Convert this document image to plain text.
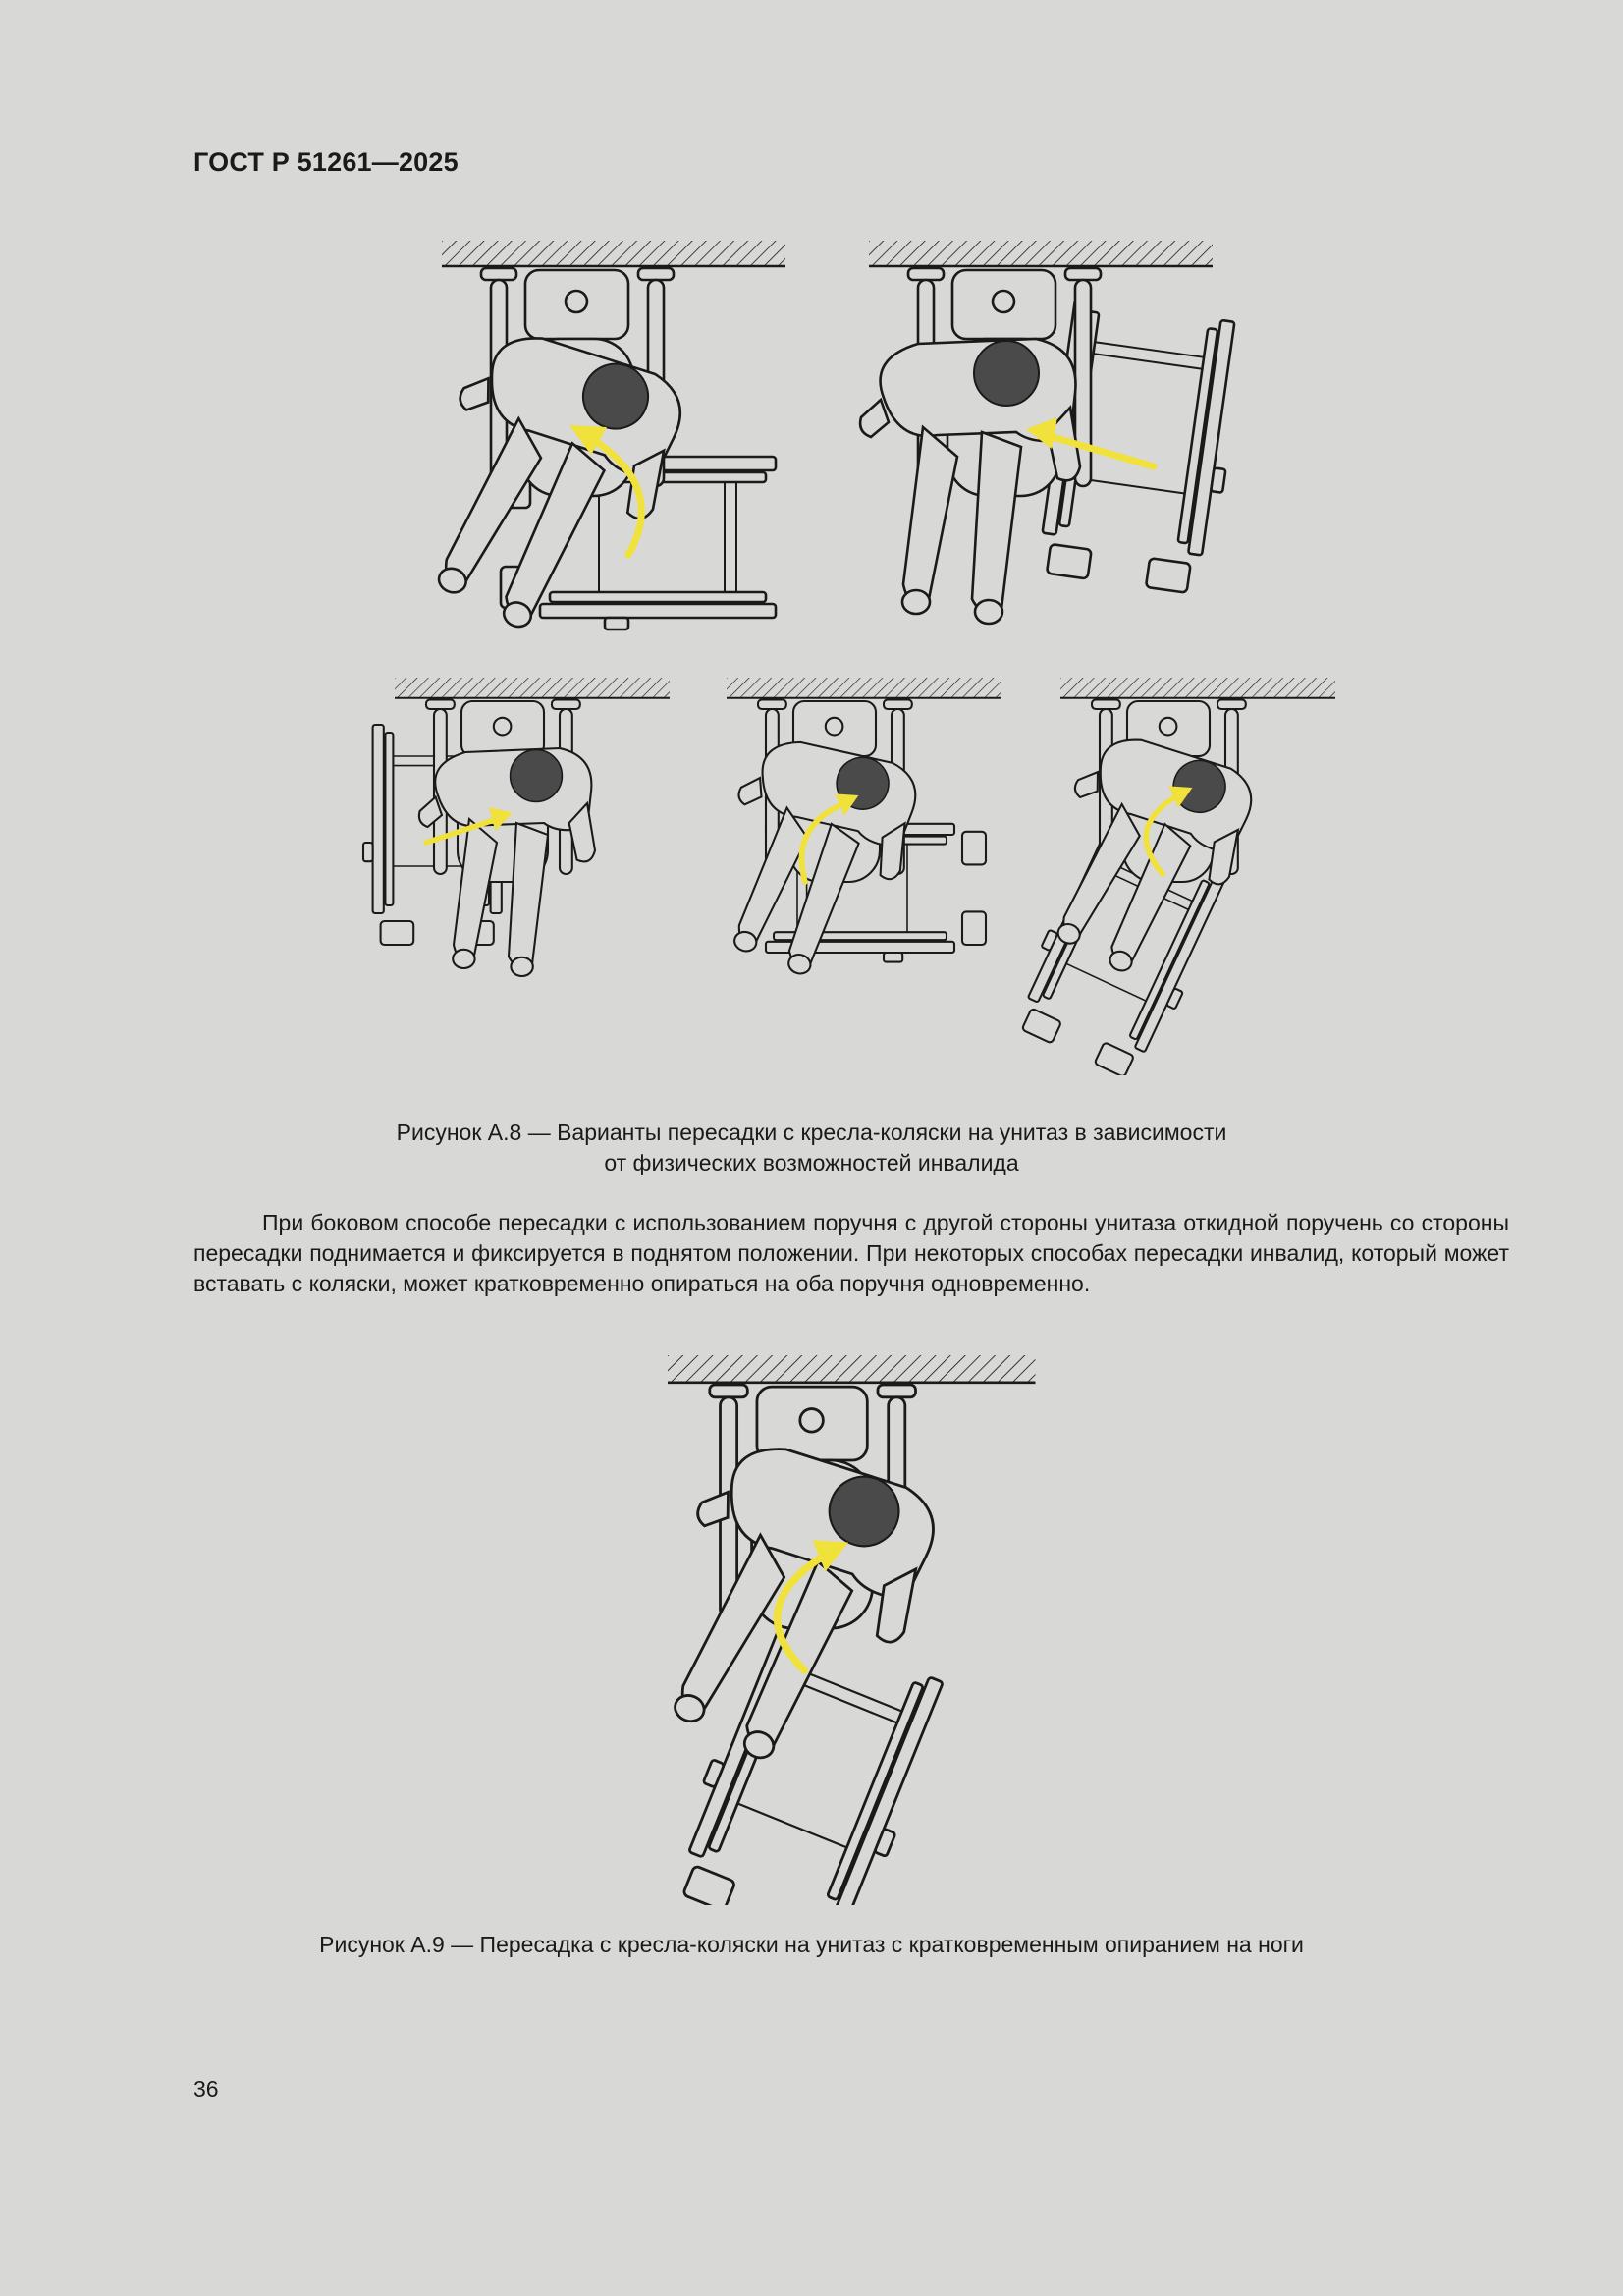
ГОСТ Р 51261—2025
Рисунок А.8 — Варианты пересадки с кресла-коляски на унитаз в зависимости
от физических возможностей инвалида
При боковом способе пересадки с использованием поручня с другой стороны унитаза откидной поручень со стороны пересадки поднимается и фиксируется в поднятом положении. При некоторых способах пересадки инвалид, который может вставать с коляски, может кратковременно опираться на оба поручня одновременно.
Рисунок А.9 — Пересадка с кресла-коляски на унитаз с кратковременным опиранием на ноги
36
